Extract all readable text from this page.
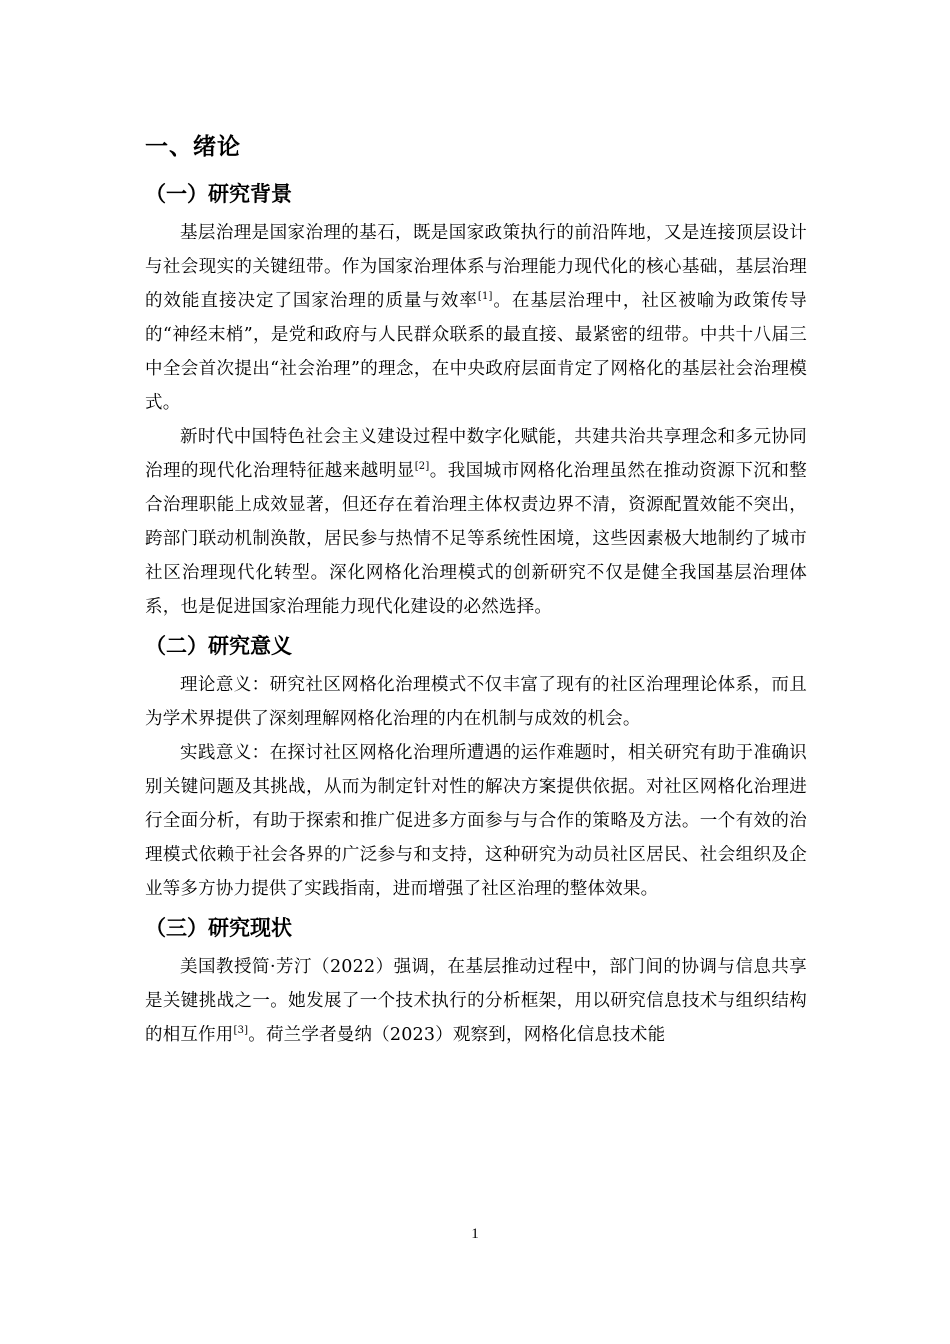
一、绪论
（一）研究背景

基层治理是国家治理的基石，既是国家政策执行的前沿阵地，又是连接顶层设计与社会现实的关键纽带。作为国家治理体系与治理能力现代化的核心基础，基层治理的效能直接决定了国家治理的质量与效率[1]。在基层治理中，社区被喻为政策传导的“神经末梢”，是党和政府与人民群众联系的最直接、最紧密的纽带。中共十八届三中全会首次提出“社会治理”的理念，在中央政府层面肯定了网格化的基层社会治理模式。

新时代中国特色社会主义建设过程中数字化赋能，共建共治共享理念和多元协同治理的现代化治理特征越来越明显[2]。我国城市网格化治理虽然在推动资源下沉和整合治理职能上成效显著，但还存在着治理主体权责边界不清，资源配置效能不突出，跨部门联动机制涣散，居民参与热情不足等系统性困境，这些因素极大地制约了城市社区治理现代化转型。深化网格化治理模式的创新研究不仅是健全我国基层治理体系，也是促进国家治理能力现代化建设的必然选择。

（二）研究意义

理论意义：研究社区网格化治理模式不仅丰富了现有的社区治理理论体系，而且为学术界提供了深刻理解网格化治理的内在机制与成效的机会。

实践意义：在探讨社区网格化治理所遭遇的运作难题时，相关研究有助于准确识别关键问题及其挑战，从而为制定针对性的解决方案提供依据。对社区网格化治理进行全面分析，有助于探索和推广促进多方面参与与合作的策略及方法。一个有效的治理模式依赖于社会各界的广泛参与和支持，这种研究为动员社区居民、社会组织及企业等多方协力提供了实践指南，进而增强了社区治理的整体效果。

（三）研究现状

美国教授简·芳汀（2022）强调，在基层推动过程中，部门间的协调与信息共享是关键挑战之一。她发展了一个技术执行的分析框架，用以研究信息技术与组织结构的相互作用[3]。荷兰学者曼纳（2023）观察到，网格化信息技术能

1
